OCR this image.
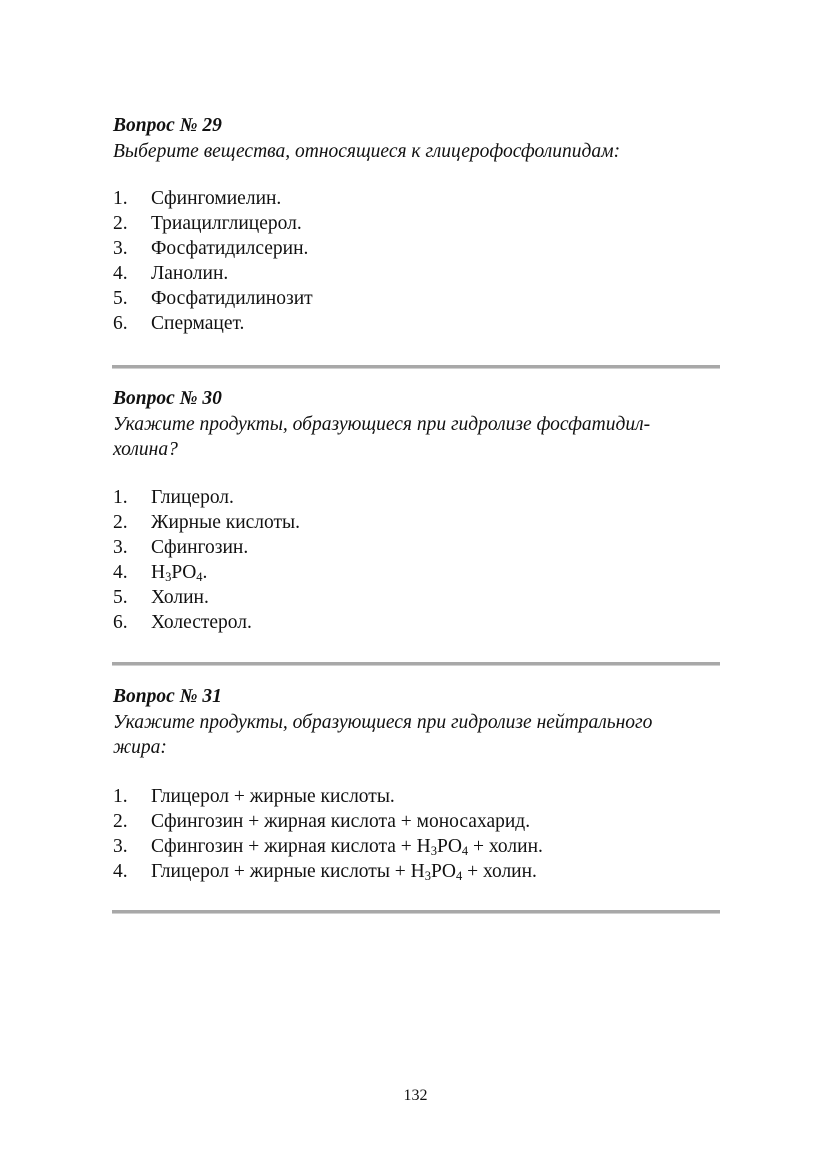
Вопрос № 29

Выберите вещества, относящиеся к глицерофосфолипидам:

1. Сфингомиелин.
2. Триацилглицерол.
3. Фосфатидилсерин.
4. Ланолин.
5. Фосфатидилинозит
6. Спермацет.

Вопрос № 30

Укажите продукты, образующиеся при гидролизе фосфатидил-
холина?

1. Глицерол.
2. Жирные кислоты.
3. Сфингозин.
4. $H_3PO_4$.
5. Холин.
6. Холестерол.

Вопрос № 31

Укажите продукты, образующиеся при гидролизе нейтрального
жира:

1. Глицерол + жирные кислоты.
2. Сфингозин + жирная кислота + моносахарид.
3. Сфингозин + жирная кислота + $H_3PO_4$ + холин.
4. Глицерол + жирные кислоты + $H_3PO_4$ + холин.
132
